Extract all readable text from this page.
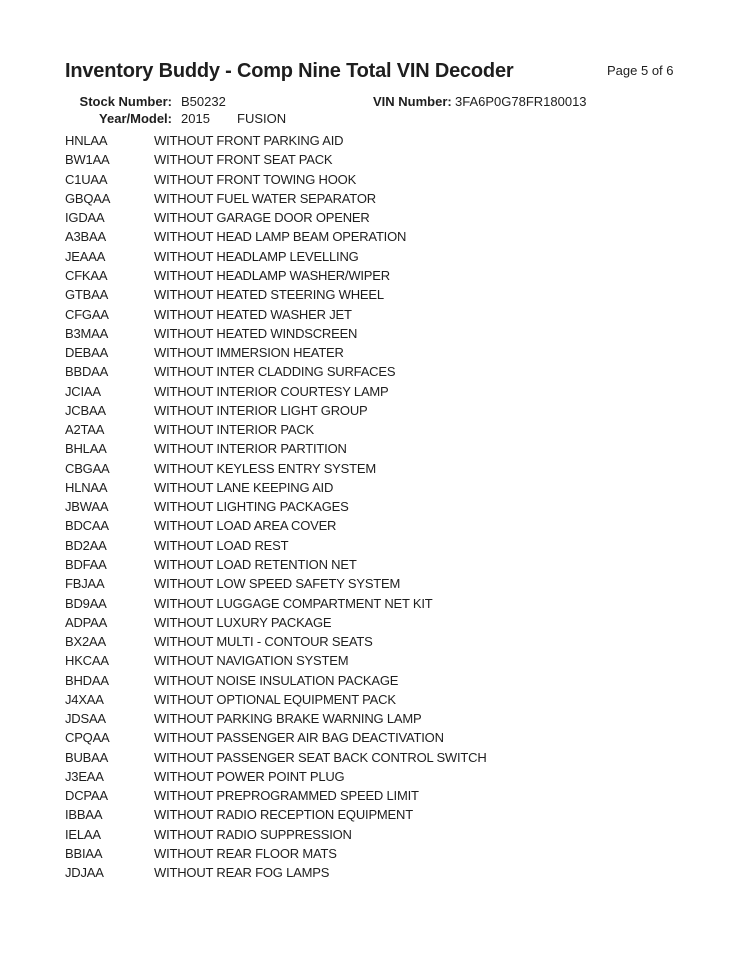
Inventory Buddy - Comp Nine Total VIN Decoder	Page 5 of 6
Stock Number: B50232	VIN Number: 3FA6P0G78FR180013
Year/Model: 2015 FUSION
HNLAA	WITHOUT FRONT PARKING AID
BW1AA	WITHOUT FRONT SEAT PACK
C1UAA	WITHOUT FRONT TOWING HOOK
GBQAA	WITHOUT FUEL WATER SEPARATOR
IGDAA	WITHOUT GARAGE DOOR OPENER
A3BAA	WITHOUT HEAD LAMP BEAM OPERATION
JEAAA	WITHOUT HEADLAMP LEVELLING
CFKAA	WITHOUT HEADLAMP WASHER/WIPER
GTBAA	WITHOUT HEATED STEERING WHEEL
CFGAA	WITHOUT HEATED WASHER JET
B3MAA	WITHOUT HEATED WINDSCREEN
DEBAA	WITHOUT IMMERSION HEATER
BBDAA	WITHOUT INTER CLADDING SURFACES
JCIAA	WITHOUT INTERIOR COURTESY LAMP
JCBAA	WITHOUT INTERIOR LIGHT GROUP
A2TAA	WITHOUT INTERIOR PACK
BHLAA	WITHOUT INTERIOR PARTITION
CBGAA	WITHOUT KEYLESS ENTRY SYSTEM
HLNAA	WITHOUT LANE KEEPING AID
JBWAA	WITHOUT LIGHTING PACKAGES
BDCAA	WITHOUT LOAD AREA COVER
BD2AA	WITHOUT LOAD REST
BDFAA	WITHOUT LOAD RETENTION NET
FBJAA	WITHOUT LOW SPEED SAFETY SYSTEM
BD9AA	WITHOUT LUGGAGE COMPARTMENT NET KIT
ADPAA	WITHOUT LUXURY PACKAGE
BX2AA	WITHOUT MULTI - CONTOUR SEATS
HKCAA	WITHOUT NAVIGATION SYSTEM
BHDAA	WITHOUT NOISE INSULATION PACKAGE
J4XAA	WITHOUT OPTIONAL EQUIPMENT PACK
JDSAA	WITHOUT PARKING BRAKE WARNING LAMP
CPQAA	WITHOUT PASSENGER AIR BAG DEACTIVATION
BUBAA	WITHOUT PASSENGER SEAT BACK CONTROL SWITCH
J3EAA	WITHOUT POWER POINT PLUG
DCPAA	WITHOUT PREPROGRAMMED SPEED LIMIT
IBBAA	WITHOUT RADIO RECEPTION EQUIPMENT
IELAA	WITHOUT RADIO SUPPRESSION
BBIAA	WITHOUT REAR FLOOR MATS
JDJAA	WITHOUT REAR FOG LAMPS
